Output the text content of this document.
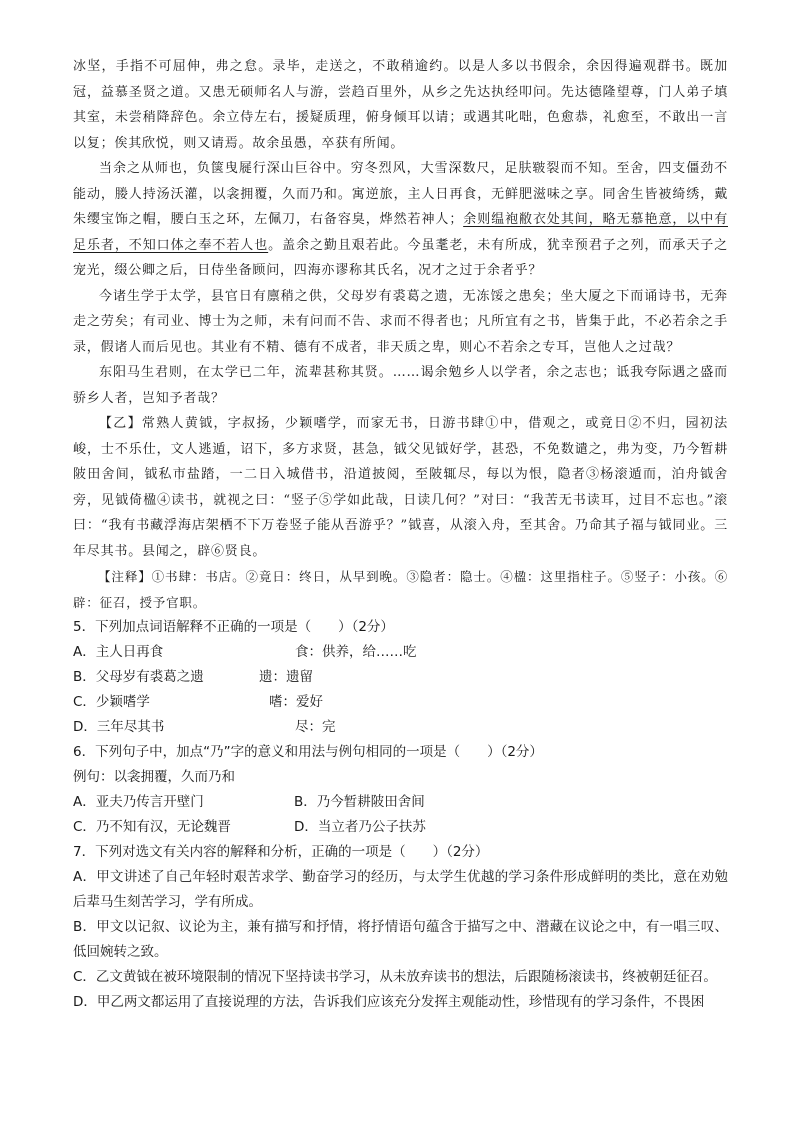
冰坚，手指不可屈伸，弗之怠。录毕，走送之，不敢稍逾约。以是人多以书假余，余因得遍观群书。既加冠，益慕圣贤之道。又患无硕师名人与游，尝趋百里外，从乡之先达执经叩问。先达德隆望尊，门人弟子填其室，未尝稍降辞色。余立侍左右，援疑质理，俯身倾耳以请；或遇其叱咄，色愈恭，礼愈至，不敢出一言以复；俟其欣悦，则又请焉。故余虽愚，卒获有所闻。

当余之从师也，负箧曳屣行深山巨谷中。穷冬烈风，大雪深数尺，足肤皲裂而不知。至舍，四支僵劲不能动，媵人持汤沃灌，以衾拥覆，久而乃和。寓逆旅，主人日再食，无鲜肥滋味之享。同舍生皆被绮绣，戴朱缨宝饰之帽，腰白玉之环，左佩刀，右备容臭，烨然若神人；余则缊袍敝衣处其间，略无慕艳意，以中有足乐者，不知口体之奉不若人也。盖余之勤且艰若此。今虽耄老，未有所成，犹幸预君子之列，而承天子之宠光，缀公卿之后，日侍坐备顾问，四海亦谬称其氏名，况才之过于余者乎？

今诸生学于太学，县官日有廪稍之供，父母岁有裘葛之遗，无冻馁之患矣；坐大厦之下而诵诗书，无奔走之劳矣；有司业、博士为之师，未有问而不告、求而不得者也；凡所宜有之书，皆集于此，不必若余之手录，假诸人而后见也。其业有不精、德有不成者，非天质之卑，则心不若余之专耳，岂他人之过哉？

东阳马生君则，在太学已二年，流辈甚称其贤。……谒余勉乡人以学者，余之志也；诋我夸际遇之盛而骄乡人者，岂知予者哉？

【乙】常熟人黄钺，字叔扬，少颖嗜学，而家无书，日游书肆①中，借观之，或竟日②不归，园初法峻，士不乐仕，文人逃遁，诏下，多方求贤，甚急，钺父见钺好学，甚恐，不免数谴之，弗为变，乃今暂耕陂田舍间，钺私市盐踏，一二日入城借书，沿道披阅，至陂辄尽，每以为恨，隐者③杨滚遁而，泊舟钺舍旁，见钺倚楹④读书，就视之曰：“竖子⑤学如此哉，日读几何？”对曰：“我苦无书读耳，过目不忘也。”滚曰：“我有书藏浮海店架栖不下万卷竖子能从吾游乎？”钺喜，从滚入舟，至其舍。乃命其子福与钺同业。三年尽其书。县闻之，辟⑥贤良。

【注释】①书肆：书店。②竟日：终日，从早到晚。③隐者：隐士。④楹：这里指柱子。⑤竖子：小孩。⑥辟：征召，授予官职。

5．下列加点词语解释不正确的一项是（　　）（2分）

A．主人日再食	食：供养，给……吃
B．父母岁有裘葛之遗	遗：遗留
C．少颖嗜学	嗜：爱好
D．三年尽其书	尽：完

6．下列句子中，加点“乃”字的意义和用法与例句相同的一项是（　　）（2分）

例句：以衾拥覆，久而乃和

A．亚夫乃传言开壁门	B．乃今暂耕陂田舍间
C．乃不知有汉，无论魏晋	D．当立者乃公子扶苏

7．下列对选文有关内容的解释和分析，正确的一项是（　　）（2分）

A．甲文讲述了自己年轻时艰苦求学、勤奋学习的经历，与太学生优越的学习条件形成鲜明的类比，意在劝勉后辈马生刻苦学习，学有所成。

B．甲文以记叙、议论为主，兼有描写和抒情，将抒情语句蕴含于描写之中、潜藏在议论之中，有一唱三叹、低回婉转之致。

C．乙文黄钺在被环境限制的情况下坚持读书学习，从未放弃读书的想法，后跟随杨滚读书，终被朝廷征召。

D．甲乙两文都运用了直接说理的方法，告诉我们应该充分发挥主观能动性，珍惜现有的学习条件，不畏困
